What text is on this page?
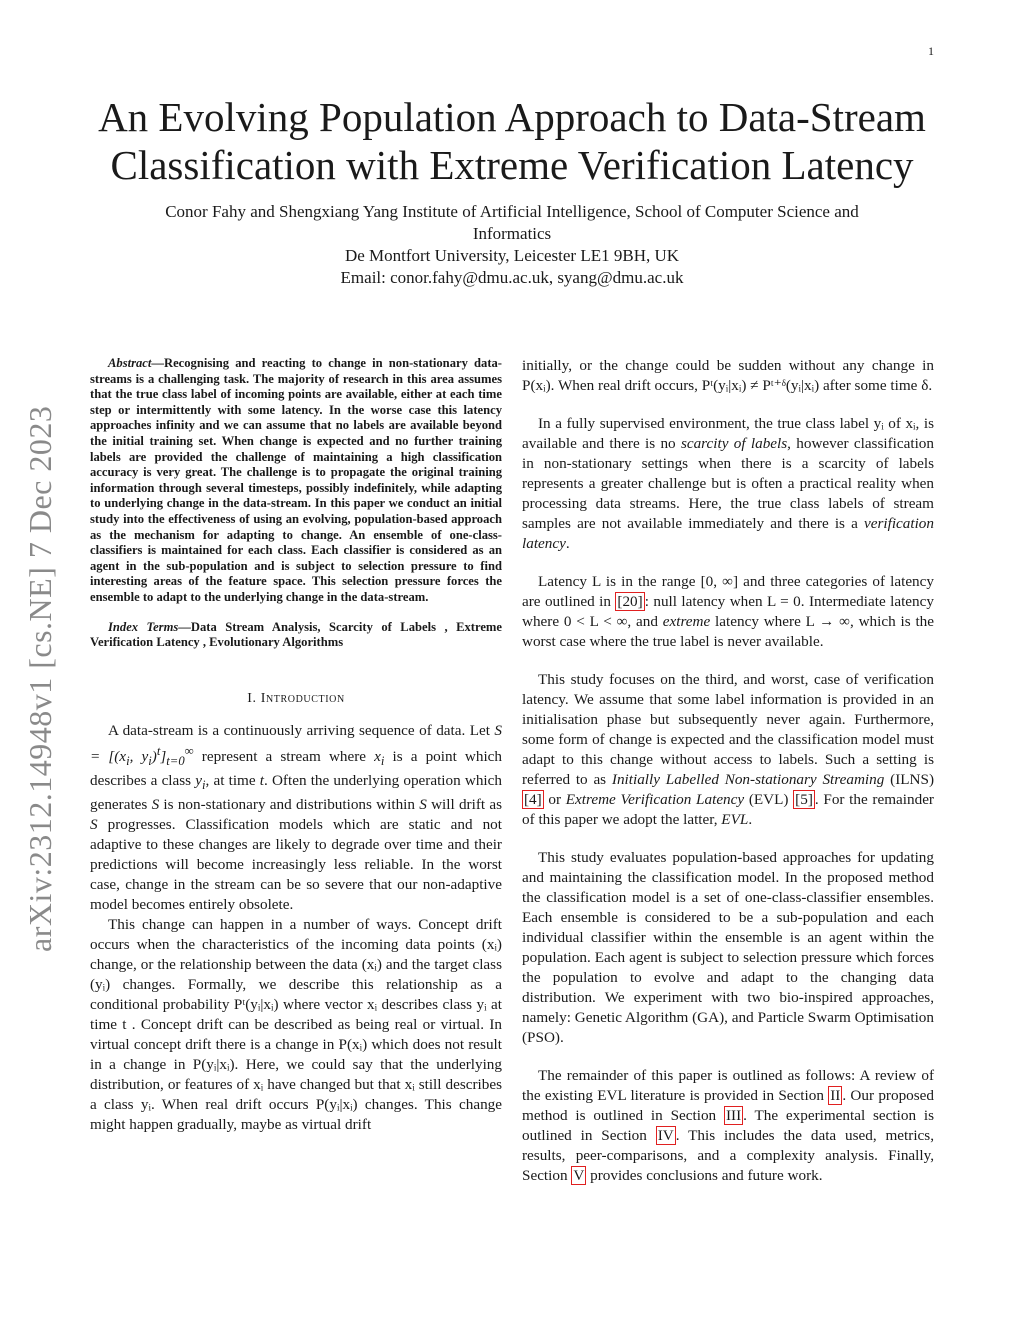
1
arXiv:2312.14948v1 [cs.NE] 7 Dec 2023
An Evolving Population Approach to Data-Stream
Classification with Extreme Verification Latency
Conor Fahy and Shengxiang Yang Institute of Artificial Intelligence, School of Computer Science and
Informatics
De Montfort University, Leicester LE1 9BH, UK
Email: conor.fahy@dmu.ac.uk, syang@dmu.ac.uk

Abstract—Recognising and reacting to change in non-stationary data-streams is a challenging task. The majority of research in this area assumes that the true class label of incoming points are available, either at each time step or intermittently with some latency. In the worse case this latency approaches infinity and we can assume that no labels are available beyond the initial training set. When change is expected and no further training labels are provided the challenge of maintaining a high classification accuracy is very great. The challenge is to propagate the original training information through several timesteps, possibly indefinitely, while adapting to underlying change in the data-stream. In this paper we conduct an initial study into the effectiveness of using an evolving, population-based approach as the mechanism for adapting to change. An ensemble of one-class-classifiers is maintained for each class. Each classifier is considered as an agent in the sub-population and is subject to selection pressure to find interesting areas of the feature space. This selection pressure forces the ensemble to adapt to the underlying change in the data-stream.

Index Terms—Data Stream Analysis, Scarcity of Labels , Extreme Verification Latency , Evolutionary Algorithms

I. Introduction

A data-stream is a continuously arriving sequence of data. Let $S = [(x_i$, $y_i)^t]_{t=0}^\infty$ represent a stream where $x_i$ is a point which describes a class $y_i$, at time t. Often the underlying operation which generates S is non-stationary and distributions within S will drift as S progresses. Classification models which are static and not adaptive to these changes are likely to degrade over time and their predictions will become increasingly less reliable. In the worst case, change in the stream can be so severe that our non-adaptive model becomes entirely obsolete.

This change can happen in a number of ways. Concept drift occurs when the characteristics of the incoming data points (xᵢ) change, or the relationship between the data (xᵢ) and the target class (yᵢ) changes. Formally, we describe this relationship as a conditional probability Pᵗ(yᵢ|xᵢ) where vector xᵢ describes class yᵢ at time t . Concept drift can be described as being real or virtual. In virtual concept drift there is a change in P(xᵢ) which does not result in a change in P(yᵢ|xᵢ). Here, we could say that the underlying distribution, or features of xᵢ have changed but that xᵢ still describes a class yᵢ. When real drift occurs P(yᵢ|xᵢ) changes. This change might happen gradually, maybe as virtual drift

initially, or the change could be sudden without any change in P(xᵢ). When real drift occurs, Pᵗ(yᵢ|xᵢ) ≠ Pᵗ⁺ᵟ(yᵢ|xᵢ) after some time δ.

In a fully supervised environment, the true class label yᵢ of xᵢ, is available and there is no scarcity of labels, however classification in non-stationary settings when there is a scarcity of labels represents a greater challenge but is often a practical reality when processing data streams. Here, the true class labels of stream samples are not available immediately and there is a verification latency.

Latency L is in the range [0, ∞] and three categories of latency are outlined in [20] : null latency when L = 0. Intermediate latency where 0 < L < ∞, and extreme latency where L → ∞, which is the worst case where the true label is never available.

This study focuses on the third, and worst, case of verification latency. We assume that some label information is provided in an initialisation phase but subsequently never again. Furthermore, some form of change is expected and the classification model must adapt to this change without access to labels. Such a setting is referred to as Initially Labelled Non-stationary Streaming (ILNS) [4] or Extreme Verification Latency (EVL) [5] . For the remainder of this paper we adopt the latter, EVL.

This study evaluates population-based approaches for updating and maintaining the classification model. In the proposed method the classification model is a set of one-class-classifier ensembles. Each ensemble is considered to be a sub-population and each individual classifier within the ensemble is an agent within the population. Each agent is subject to selection pressure which forces the population to evolve and adapt to the changing data distribution. We experiment with two bio-inspired approaches, namely: Genetic Algorithm (GA), and Particle Swarm Optimisation (PSO).

The remainder of this paper is outlined as follows: A review of the existing EVL literature is provided in Section II . Our proposed method is outlined in Section III . The experimental section is outlined in Section IV . This includes the data used, metrics, results, peer-comparisons, and a complexity analysis. Finally, Section V provides conclusions and future work.
